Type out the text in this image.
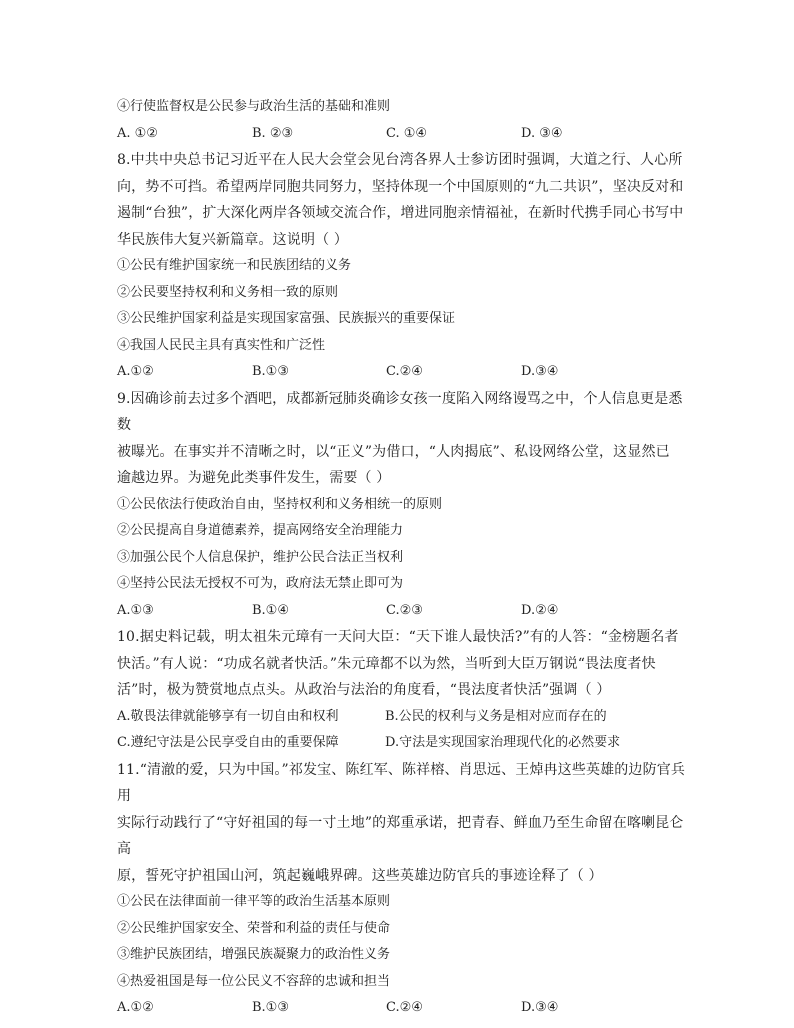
④行使监督权是公民参与政治生活的基础和准则
A. ①②	B. ②③	C. ①④	D. ③④

8.中共中央总书记习近平在人民大会堂会见台湾各界人士参访团时强调，大道之行、人心所

向，势不可挡。希望两岸同胞共同努力，坚持体现一个中国原则的“九二共识”，坚决反对和

遏制“台独”，扩大深化两岸各领域交流合作，增进同胞亲情福祉，在新时代携手同心书写中

华民族伟大复兴新篇章。这说明（ ）

①公民有维护国家统一和民族团结的义务
②公民要坚持权利和义务相一致的原则
③公民维护国家利益是实现国家富强、民族振兴的重要保证
④我国人民民主具有真实性和广泛性
A.①②	B.①③	C.②④	D.③④

9.因确诊前去过多个酒吧，成都新冠肺炎确诊女孩一度陷入网络谩骂之中，个人信息更是悉数

被曝光。在事实并不清晰之时，以“正义”为借口，“人肉揭底”、私设网络公堂，这显然已

逾越边界。为避免此类事件发生，需要（ ）

①公民依法行使政治自由，坚持权利和义务相统一的原则
②公民提高自身道德素养，提高网络安全治理能力
③加强公民个人信息保护，维护公民合法正当权利
④坚持公民法无授权不可为，政府法无禁止即可为
A.①③	B.①④	C.②③	D.②④

10.据史料记载，明太祖朱元璋有一天问大臣：“天下谁人最快活?”有的人答：“金榜题名者

快活。”有人说：“功成名就者快活。”朱元璋都不以为然，当听到大臣万钢说“畏法度者快

活”时，极为赞赏地点点头。从政治与法治的角度看，“畏法度者快活”强调（ ）

A.敬畏法律就能够享有一切自由和权利	B.公民的权利与义务是相对应而存在的
C.遵纪守法是公民享受自由的重要保障	D.守法是实现国家治理现代化的必然要求

11.“清澈的爱，只为中国。”祁发宝、陈红军、陈祥榕、肖思远、王焯冉这些英雄的边防官兵用

实际行动践行了“守好祖国的每一寸土地”的郑重承诺，把青春、鲜血乃至生命留在喀喇昆仑高

原，誓死守护祖国山河，筑起巍峨界碑。这些英雄边防官兵的事迹诠释了（ ）

①公民在法律面前一律平等的政治生活基本原则
②公民维护国家安全、荣誉和利益的责任与使命
③维护民族团结，增强民族凝聚力的政治性义务
④热爱祖国是每一位公民义不容辞的忠诚和担当
A.①②	B.①③	C.②④	D.③④
